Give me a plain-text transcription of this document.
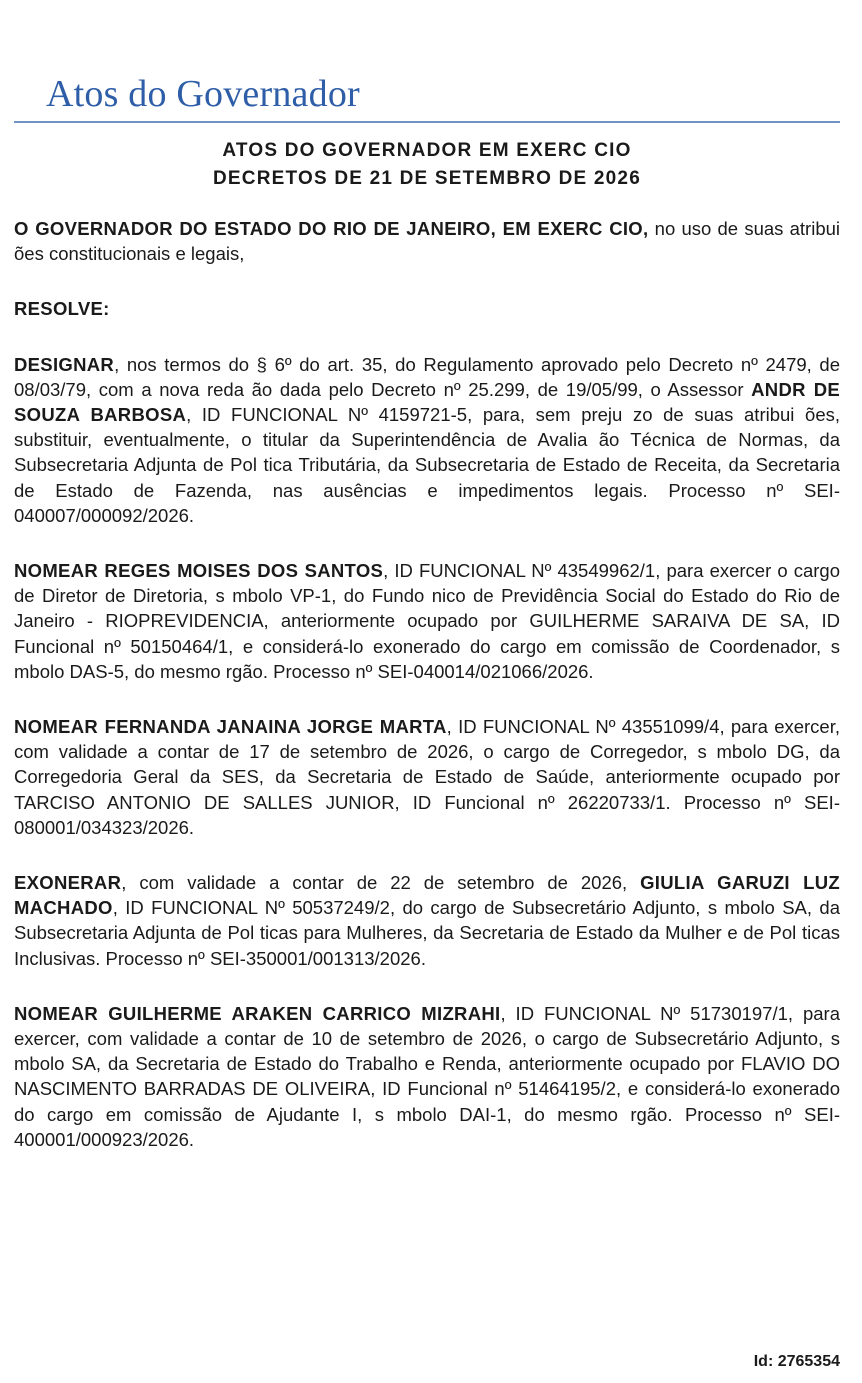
Atos do Governador
ATOS DO GOVERNADOR EM EXERC CIO
DECRETOS DE 21 DE SETEMBRO DE 2026

O GOVERNADOR DO ESTADO DO RIO DE JANEIRO, EM EXERC CIO, no uso de suas atribui ões constitucionais e legais,

RESOLVE:

DESIGNAR, nos termos do § 6º do art. 35, do Regulamento aprovado pelo Decreto nº 2479, de 08/03/79, com a nova reda ão dada pelo Decreto nº 25.299, de 19/05/99, o Assessor ANDR DE SOUZA BARBOSA, ID FUNCIONAL Nº 4159721-5, para, sem preju zo de suas atribui ões, substituir, eventualmente, o titular da Superintendência de Avalia ão Técnica de Normas, da Subsecretaria Adjunta de Pol tica Tributária, da Subsecretaria de Estado de Receita, da Secretaria de Estado de Fazenda, nas ausências e impedimentos legais. Processo nº SEI-040007/000092/2026.

NOMEAR REGES MOISES DOS SANTOS, ID FUNCIONAL Nº 43549962/1, para exercer o cargo de Diretor de Diretoria, s mbolo VP-1, do Fundo nico de Previdência Social do Estado do Rio de Janeiro - RIOPREVIDENCIA, anteriormente ocupado por GUILHERME SARAIVA DE SA, ID Funcional nº 50150464/1, e considerá-lo exonerado do cargo em comissão de Coordenador, s mbolo DAS-5, do mesmo rgão. Processo nº SEI-040014/021066/2026.

NOMEAR FERNANDA JANAINA JORGE MARTA, ID FUNCIONAL Nº 43551099/4, para exercer, com validade a contar de 17 de setembro de 2026, o cargo de Corregedor, s mbolo DG, da Corregedoria Geral da SES, da Secretaria de Estado de Saúde, anteriormente ocupado por TARCISO ANTONIO DE SALLES JUNIOR, ID Funcional nº 26220733/1. Processo nº SEI-080001/034323/2026.

EXONERAR, com validade a contar de 22 de setembro de 2026, GIULIA GARUZI LUZ MACHADO, ID FUNCIONAL Nº 50537249/2, do cargo de Subsecretário Adjunto, s mbolo SA, da Subsecretaria Adjunta de Pol ticas para Mulheres, da Secretaria de Estado da Mulher e de Pol ticas Inclusivas. Processo nº SEI-350001/001313/2026.

NOMEAR GUILHERME ARAKEN CARRICO MIZRAHI, ID FUNCIONAL Nº 51730197/1, para exercer, com validade a contar de 10 de setembro de 2026, o cargo de Subsecretário Adjunto, s mbolo SA, da Secretaria de Estado do Trabalho e Renda, anteriormente ocupado por FLAVIO DO NASCIMENTO BARRADAS DE OLIVEIRA, ID Funcional nº 51464195/2, e considerá-lo exonerado do cargo em comissão de Ajudante I, s mbolo DAI-1, do mesmo rgão. Processo nº SEI-400001/000923/2026.

Id: 2765354
